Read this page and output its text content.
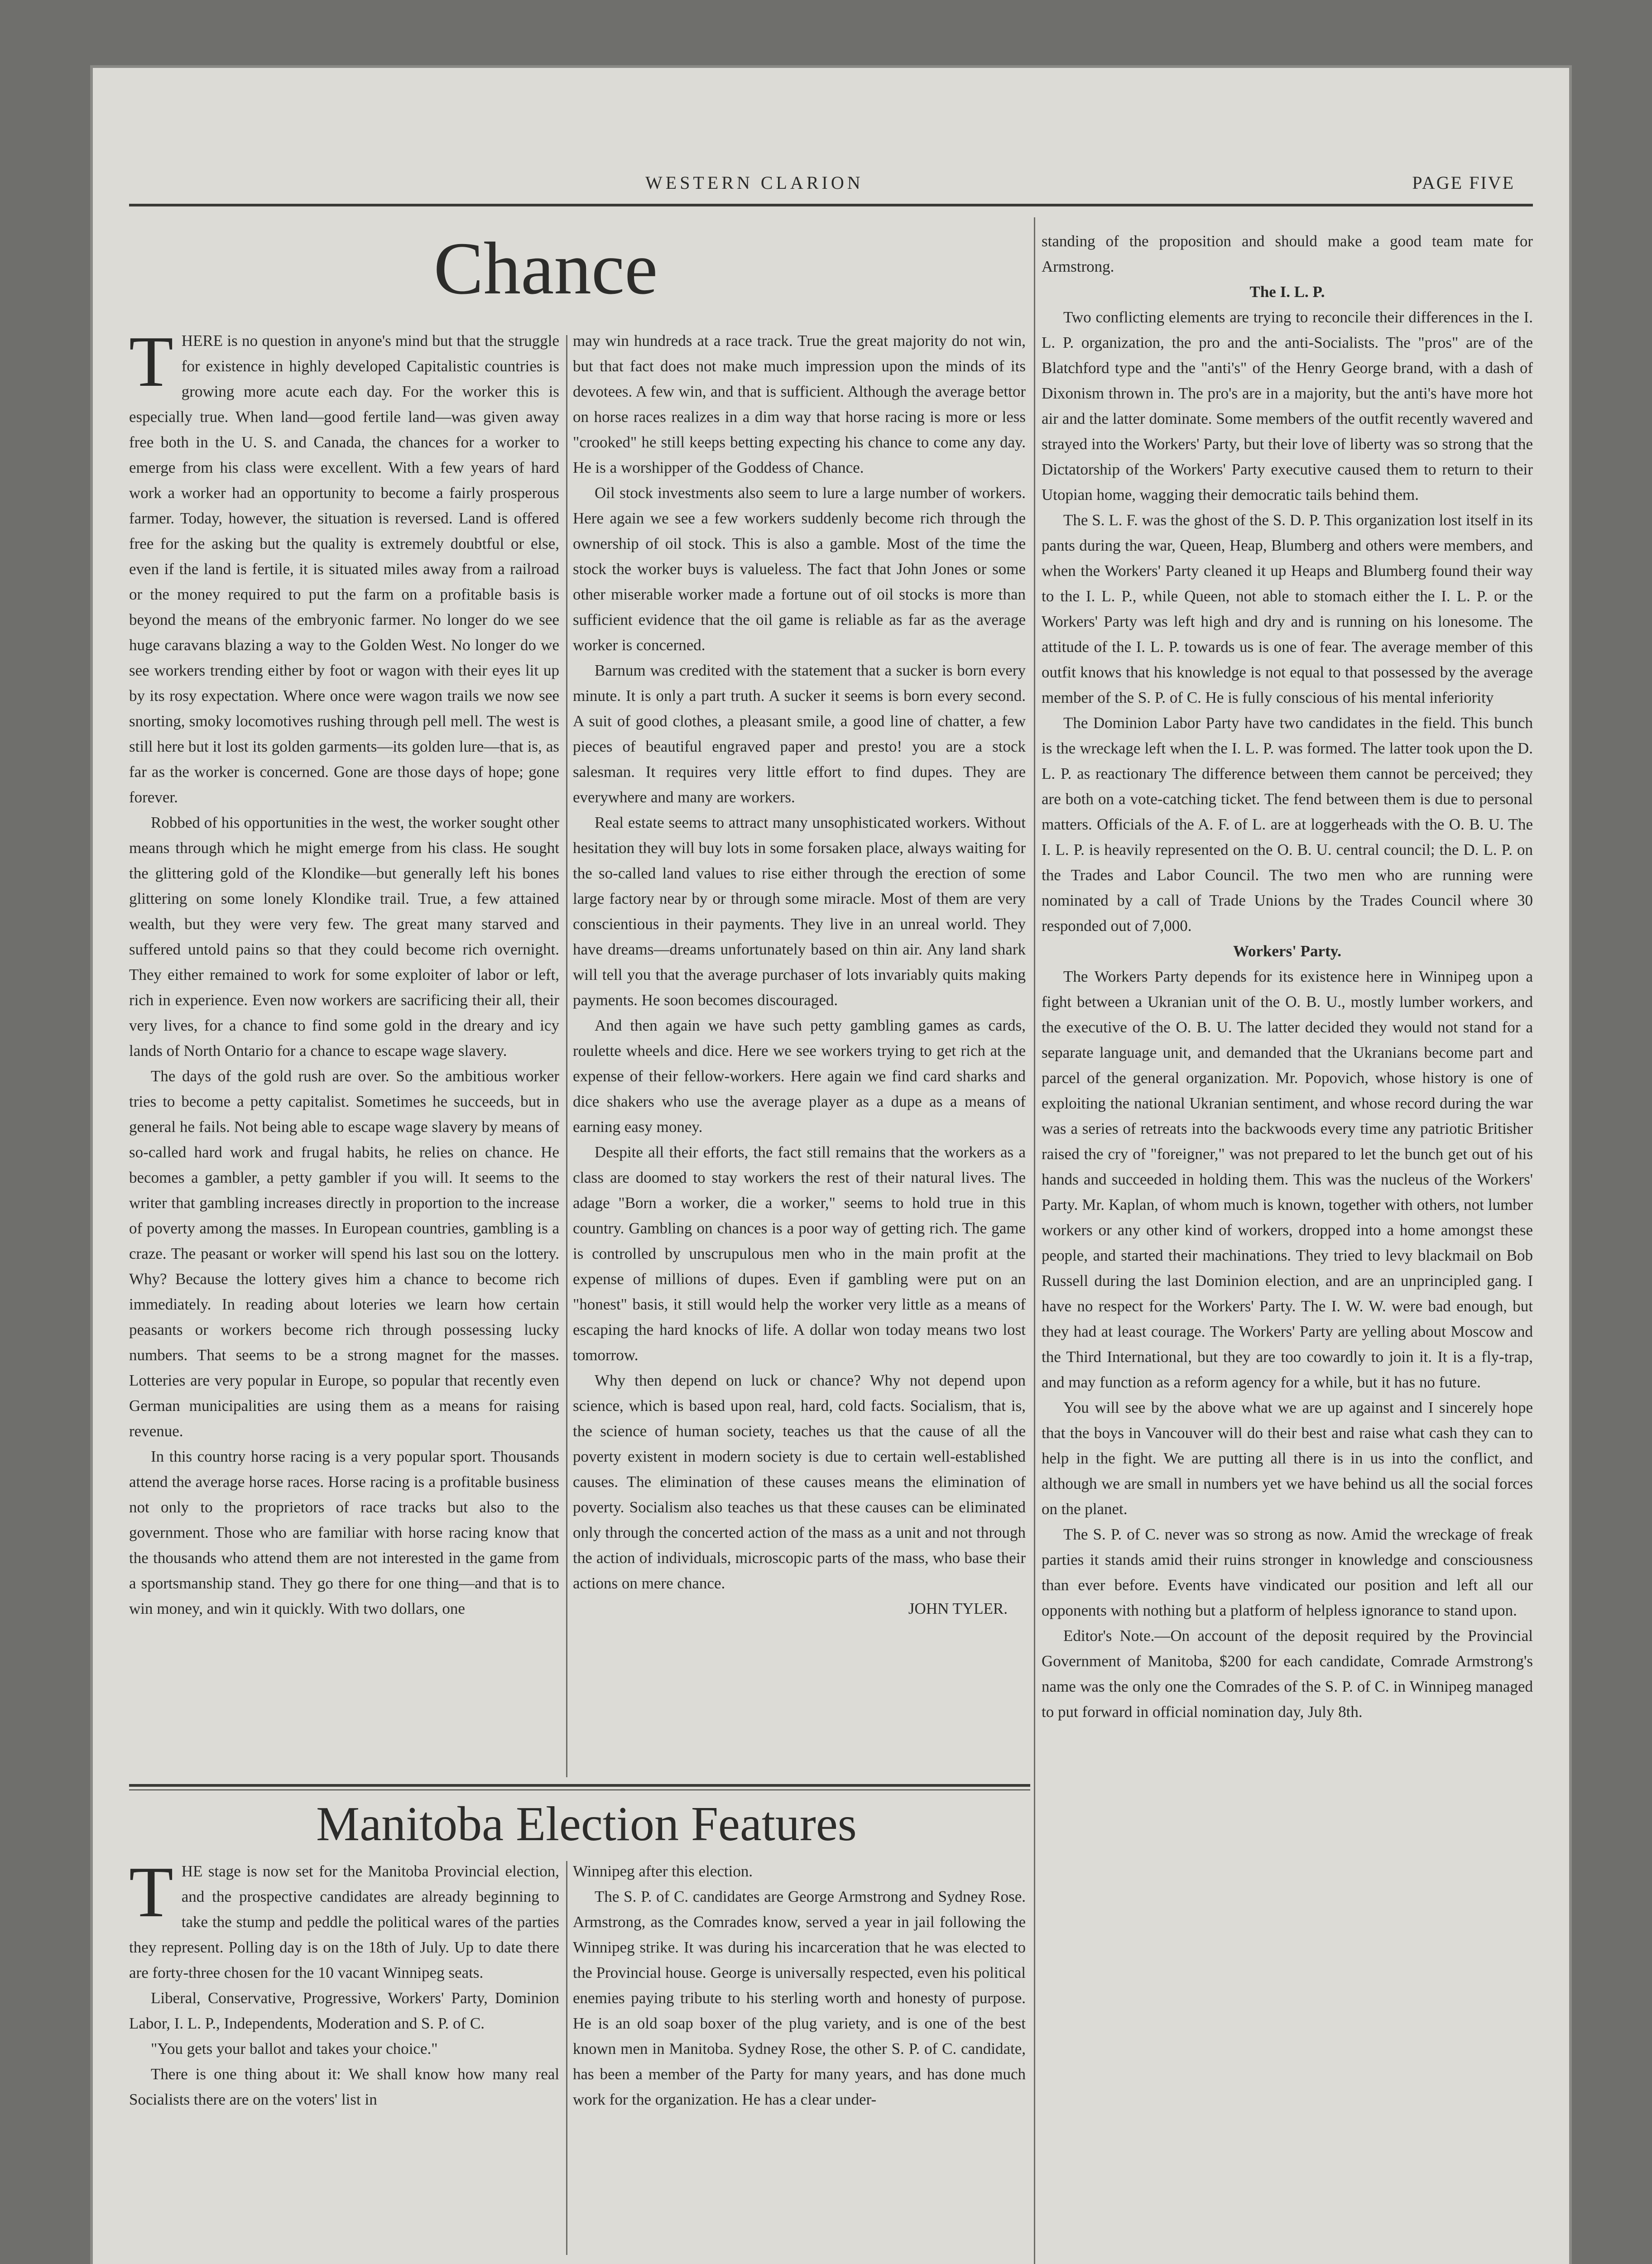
WESTERN CLARION	PAGE FIVE
Chance

THERE is no question in anyone's mind but that the struggle for existence in highly developed Capitalistic countries is growing more acute each day. For the worker this is especially true. When land—good fertile land—was given away free both in the U. S. and Canada, the chances for a worker to emerge from his class were excellent. With a few years of hard work a worker had an opportunity to become a fairly prosperous farmer. Today, however, the situation is reversed. Land is offered free for the asking but the quality is extremely doubtful or else, even if the land is fertile, it is situated miles away from a railroad or the money required to put the farm on a profitable basis is beyond the means of the embryonic farmer. No longer do we see huge caravans blazing a way to the Golden West. No longer do we see workers trending either by foot or wagon with their eyes lit up by its rosy expectation. Where once were wagon trails we now see snorting, smoky locomotives rushing through pell mell. The west is still here but it lost its golden garments—its golden lure—that is, as far as the worker is concerned. Gone are those days of hope; gone forever.

Robbed of his opportunities in the west, the worker sought other means through which he might emerge from his class. He sought the glittering gold of the Klondike—but generally left his bones glittering on some lonely Klondike trail. True, a few attained wealth, but they were very few. The great many starved and suffered untold pains so that they could become rich overnight. They either remained to work for some exploiter of labor or left, rich in experience. Even now workers are sacrificing their all, their very lives, for a chance to find some gold in the dreary and icy lands of North Ontario for a chance to escape wage slavery.

The days of the gold rush are over. So the ambitious worker tries to become a petty capitalist. Sometimes he succeeds, but in general he fails. Not being able to escape wage slavery by means of so-called hard work and frugal habits, he relies on chance. He becomes a gambler, a petty gambler if you will. It seems to the writer that gambling increases directly in proportion to the increase of poverty among the masses. In European countries, gambling is a craze. The peasant or worker will spend his last sou on the lottery. Why? Because the lottery gives him a chance to become rich immediately. In reading about loteries we learn how certain peasants or workers become rich through possessing lucky numbers. That seems to be a strong magnet for the masses. Lotteries are very popular in Europe, so popular that recently even German municipalities are using them as a means for raising revenue.

In this country horse racing is a very popular sport. Thousands attend the average horse races. Horse racing is a profitable business not only to the proprietors of race tracks but also to the government. Those who are familiar with horse racing know that the thousands who attend them are not interested in the game from a sportsmanship stand. They go there for one thing—and that is to win money, and win it quickly. With two dollars, one

may win hundreds at a race track. True the great majority do not win, but that fact does not make much impression upon the minds of its devotees. A few win, and that is sufficient. Although the average bettor on horse races realizes in a dim way that horse racing is more or less "crooked" he still keeps betting expecting his chance to come any day. He is a worshipper of the Goddess of Chance.

Oil stock investments also seem to lure a large number of workers. Here again we see a few workers suddenly become rich through the ownership of oil stock. This is also a gamble. Most of the time the stock the worker buys is valueless. The fact that John Jones or some other miserable worker made a fortune out of oil stocks is more than sufficient evidence that the oil game is reliable as far as the average worker is concerned.

Barnum was credited with the statement that a sucker is born every minute. It is only a part truth. A sucker it seems is born every second. A suit of good clothes, a pleasant smile, a good line of chatter, a few pieces of beautiful engraved paper and presto! you are a stock salesman. It requires very little effort to find dupes. They are everywhere and many are workers.

Real estate seems to attract many unsophisticated workers. Without hesitation they will buy lots in some forsaken place, always waiting for the so-called land values to rise either through the erection of some large factory near by or through some miracle. Most of them are very conscientious in their payments. They live in an unreal world. They have dreams—dreams unfortunately based on thin air. Any land shark will tell you that the average purchaser of lots invariably quits making payments. He soon becomes discouraged.

And then again we have such petty gambling games as cards, roulette wheels and dice. Here we see workers trying to get rich at the expense of their fellow-workers. Here again we find card sharks and dice shakers who use the average player as a dupe as a means of earning easy money.

Despite all their efforts, the fact still remains that the workers as a class are doomed to stay workers the rest of their natural lives. The adage "Born a worker, die a worker," seems to hold true in this country. Gambling on chances is a poor way of getting rich. The game is controlled by unscrupulous men who in the main profit at the expense of millions of dupes. Even if gambling were put on an "honest" basis, it still would help the worker very little as a means of escaping the hard knocks of life. A dollar won today means two lost tomorrow.

Why then depend on luck or chance? Why not depend upon science, which is based upon real, hard, cold facts. Socialism, that is, the science of human society, teaches us that the cause of all the poverty existent in modern society is due to certain well-established causes. The elimination of these causes means the elimination of poverty. Socialism also teaches us that these causes can be eliminated only through the concerted action of the mass as a unit and not through the action of individuals, microscopic parts of the mass, who base their actions on mere chance.

JOHN TYLER.

standing of the proposition and should make a good team mate for Armstrong.

The I. L. P.

Two conflicting elements are trying to reconcile their differences in the I. L. P. organization, the pro and the anti-Socialists. The "pros" are of the Blatchford type and the "anti's" of the Henry George brand, with a dash of Dixonism thrown in. The pro's are in a majority, but the anti's have more hot air and the latter dominate. Some members of the outfit recently wavered and strayed into the Workers' Party, but their love of liberty was so strong that the Dictatorship of the Workers' Party executive caused them to return to their Utopian home, wagging their democratic tails behind them.

The S. L. F. was the ghost of the S. D. P. This organization lost itself in its pants during the war, Queen, Heap, Blumberg and others were members, and when the Workers' Party cleaned it up Heaps and Blumberg found their way to the I. L. P., while Queen, not able to stomach either the I. L. P. or the Workers' Party was left high and dry and is running on his lonesome. The attitude of the I. L. P. towards us is one of fear. The average member of this outfit knows that his knowledge is not equal to that possessed by the average member of the S. P. of C. He is fully conscious of his mental inferiority

The Dominion Labor Party have two candidates in the field. This bunch is the wreckage left when the I. L. P. was formed. The latter took upon the D. L. P. as reactionary The difference between them cannot be perceived; they are both on a vote-catching ticket. The fend between them is due to personal matters. Officials of the A. F. of L. are at loggerheads with the O. B. U. The I. L. P. is heavily represented on the O. B. U. central council; the D. L. P. on the Trades and Labor Council. The two men who are running were nominated by a call of Trade Unions by the Trades Council where 30 responded out of 7,000.

Workers' Party.

The Workers Party depends for its existence here in Winnipeg upon a fight between a Ukranian unit of the O. B. U., mostly lumber workers, and the executive of the O. B. U. The latter decided they would not stand for a separate language unit, and demanded that the Ukranians become part and parcel of the general organization. Mr. Popovich, whose history is one of exploiting the national Ukranian sentiment, and whose record during the war was a series of retreats into the backwoods every time any patriotic Britisher raised the cry of "foreigner," was not prepared to let the bunch get out of his hands and succeeded in holding them. This was the nucleus of the Workers' Party. Mr. Kaplan, of whom much is known, together with others, not lumber workers or any other kind of workers, dropped into a home amongst these people, and started their machinations. They tried to levy blackmail on Bob Russell during the last Dominion election, and are an unprincipled gang. I have no respect for the Workers' Party. The I. W. W. were bad enough, but they had at least courage. The Workers' Party are yelling about Moscow and the Third International, but they are too cowardly to join it. It is a fly-trap, and may function as a reform agency for a while, but it has no future.

You will see by the above what we are up against and I sincerely hope that the boys in Vancouver will do their best and raise what cash they can to help in the fight. We are putting all there is in us into the conflict, and although we are small in numbers yet we have behind us all the social forces on the planet.

The S. P. of C. never was so strong as now. Amid the wreckage of freak parties it stands amid their ruins stronger in knowledge and consciousness than ever before. Events have vindicated our position and left all our opponents with nothing but a platform of helpless ignorance to stand upon.

Editor's Note.—On account of the deposit required by the Provincial Government of Manitoba, $200 for each candidate, Comrade Armstrong's name was the only one the Comrades of the S. P. of C. in Winnipeg managed to put forward in official nomination day, July 8th.

Manitoba Election Features

THE stage is now set for the Manitoba Provincial election, and the prospective candidates are already beginning to take the stump and peddle the political wares of the parties they represent. Polling day is on the 18th of July. Up to date there are forty-three chosen for the 10 vacant Winnipeg seats.

Liberal, Conservative, Progressive, Workers' Party, Dominion Labor, I. L. P., Independents, Moderation and S. P. of C.

"You gets your ballot and takes your choice."

There is one thing about it: We shall know how many real Socialists there are on the voters' list in

Winnipeg after this election.

The S. P. of C. candidates are George Armstrong and Sydney Rose. Armstrong, as the Comrades know, served a year in jail following the Winnipeg strike. It was during his incarceration that he was elected to the Provincial house. George is universally respected, even his political enemies paying tribute to his sterling worth and honesty of purpose. He is an old soap boxer of the plug variety, and is one of the best known men in Manitoba. Sydney Rose, the other S. P. of C. candidate, has been a member of the Party for many years, and has done much work for the organization. He has a clear under-
